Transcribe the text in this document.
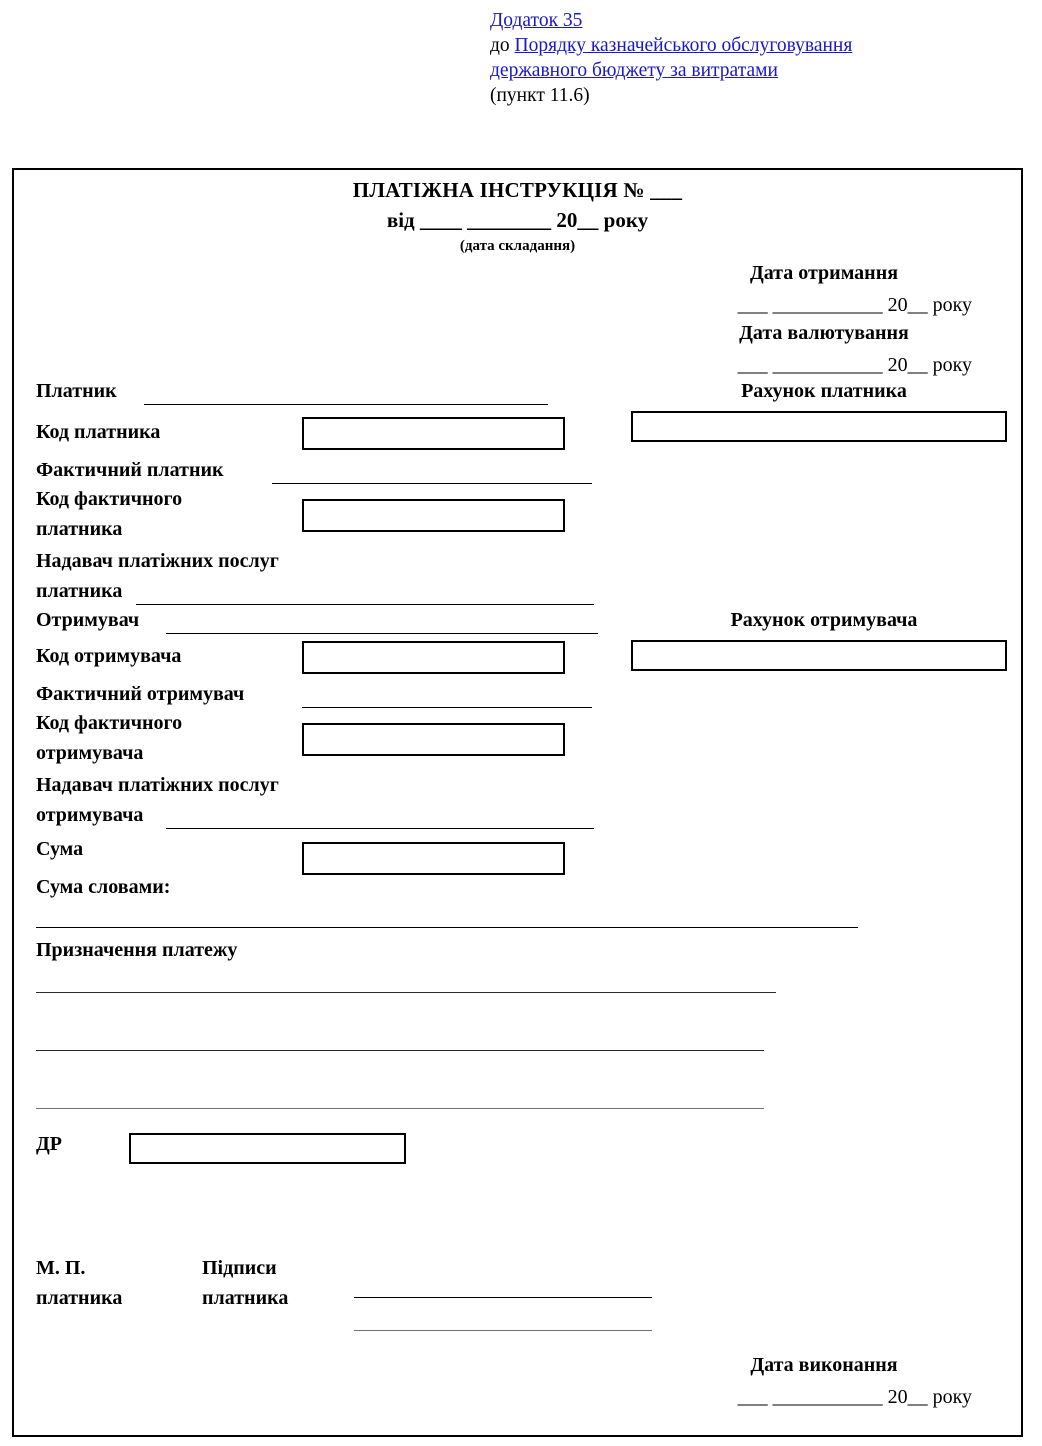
Додаток 35
до Порядку казначейського обслуговування
державного бюджету за витратами
(пункт 11.6)
ПЛАТІЖНА ІНСТРУКЦІЯ № ___
від ____ ________ 20__ року
(дата складання)
Дата отримання
___ ___________ 20__ року
Дата валютування
___ ___________ 20__ року
Платник	Рахунок платника
Код платника
Фактичний платник
Код фактичного
платника
Надавач платіжних послуг
платника
Отримувач	Рахунок отримувача
Код отримувача
Фактичний отримувач
Код фактичного
отримувача
Надавач платіжних послуг
отримувача
Сума
Сума словами:
Призначення платежу
ДР
М. П.
платника
Підписи
платника
Дата виконання
___ ___________ 20__ року
